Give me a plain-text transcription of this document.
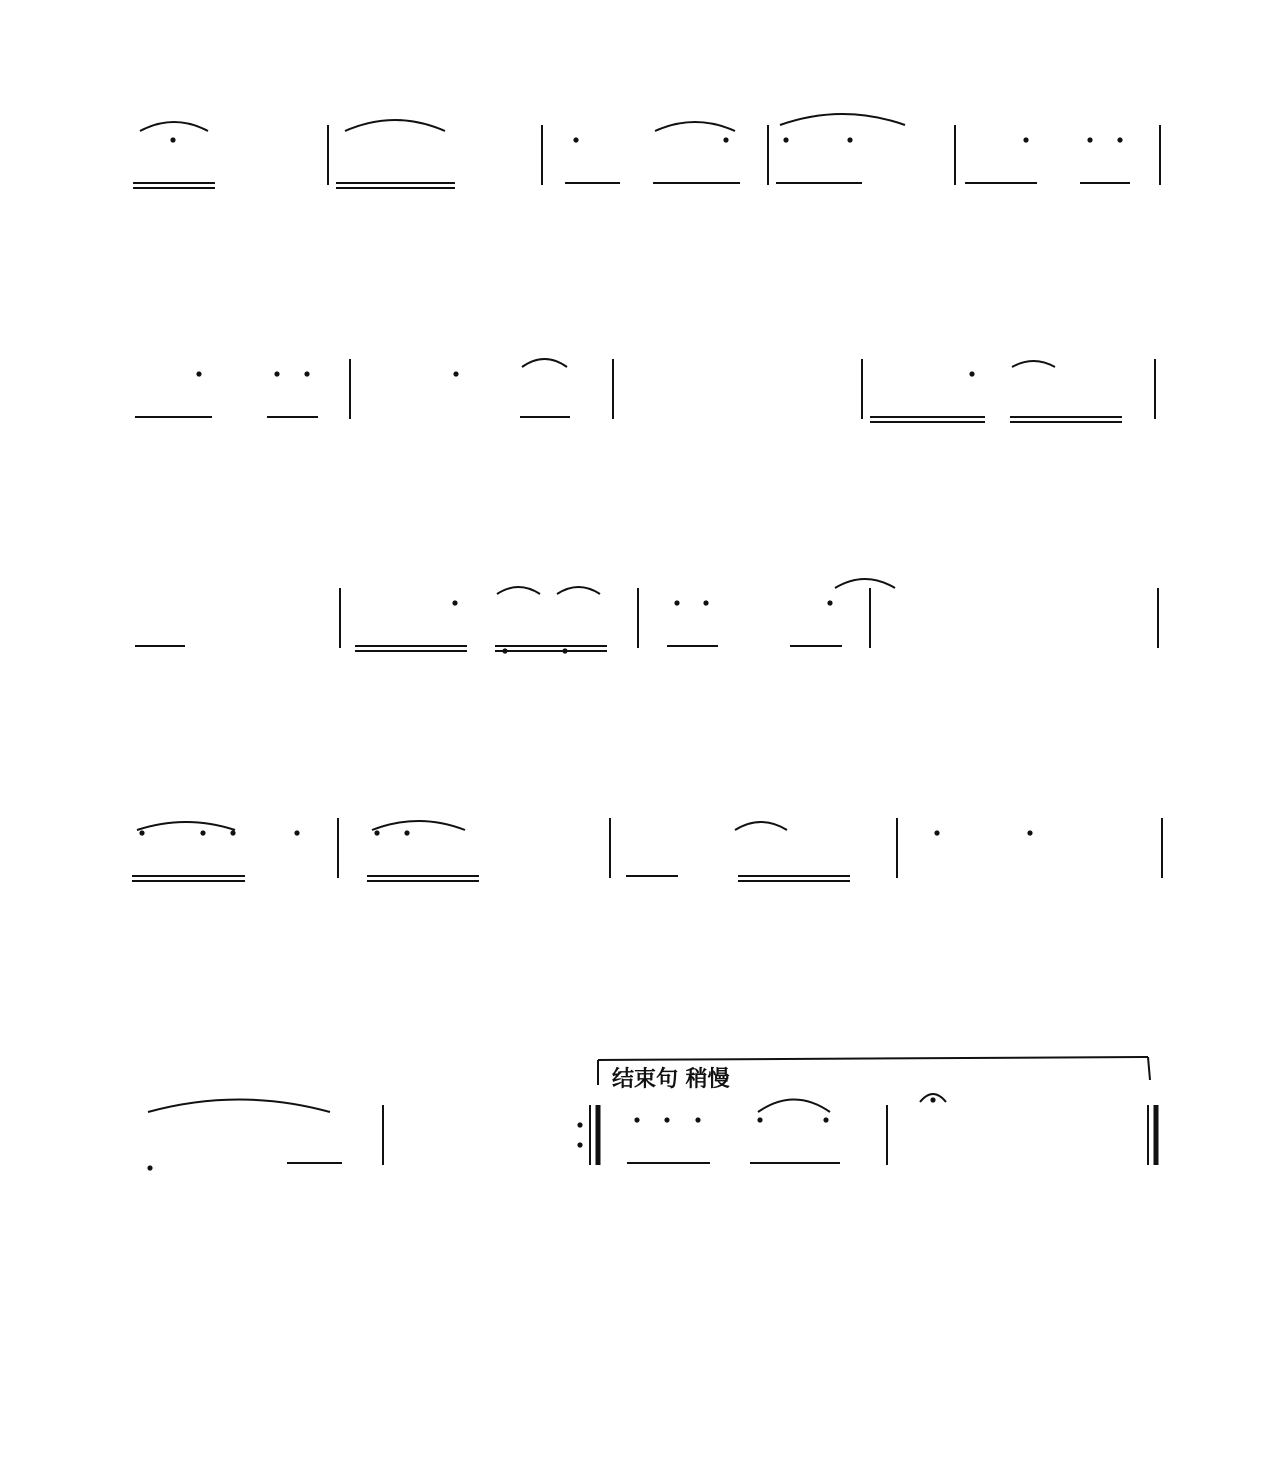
结束句 稍慢
